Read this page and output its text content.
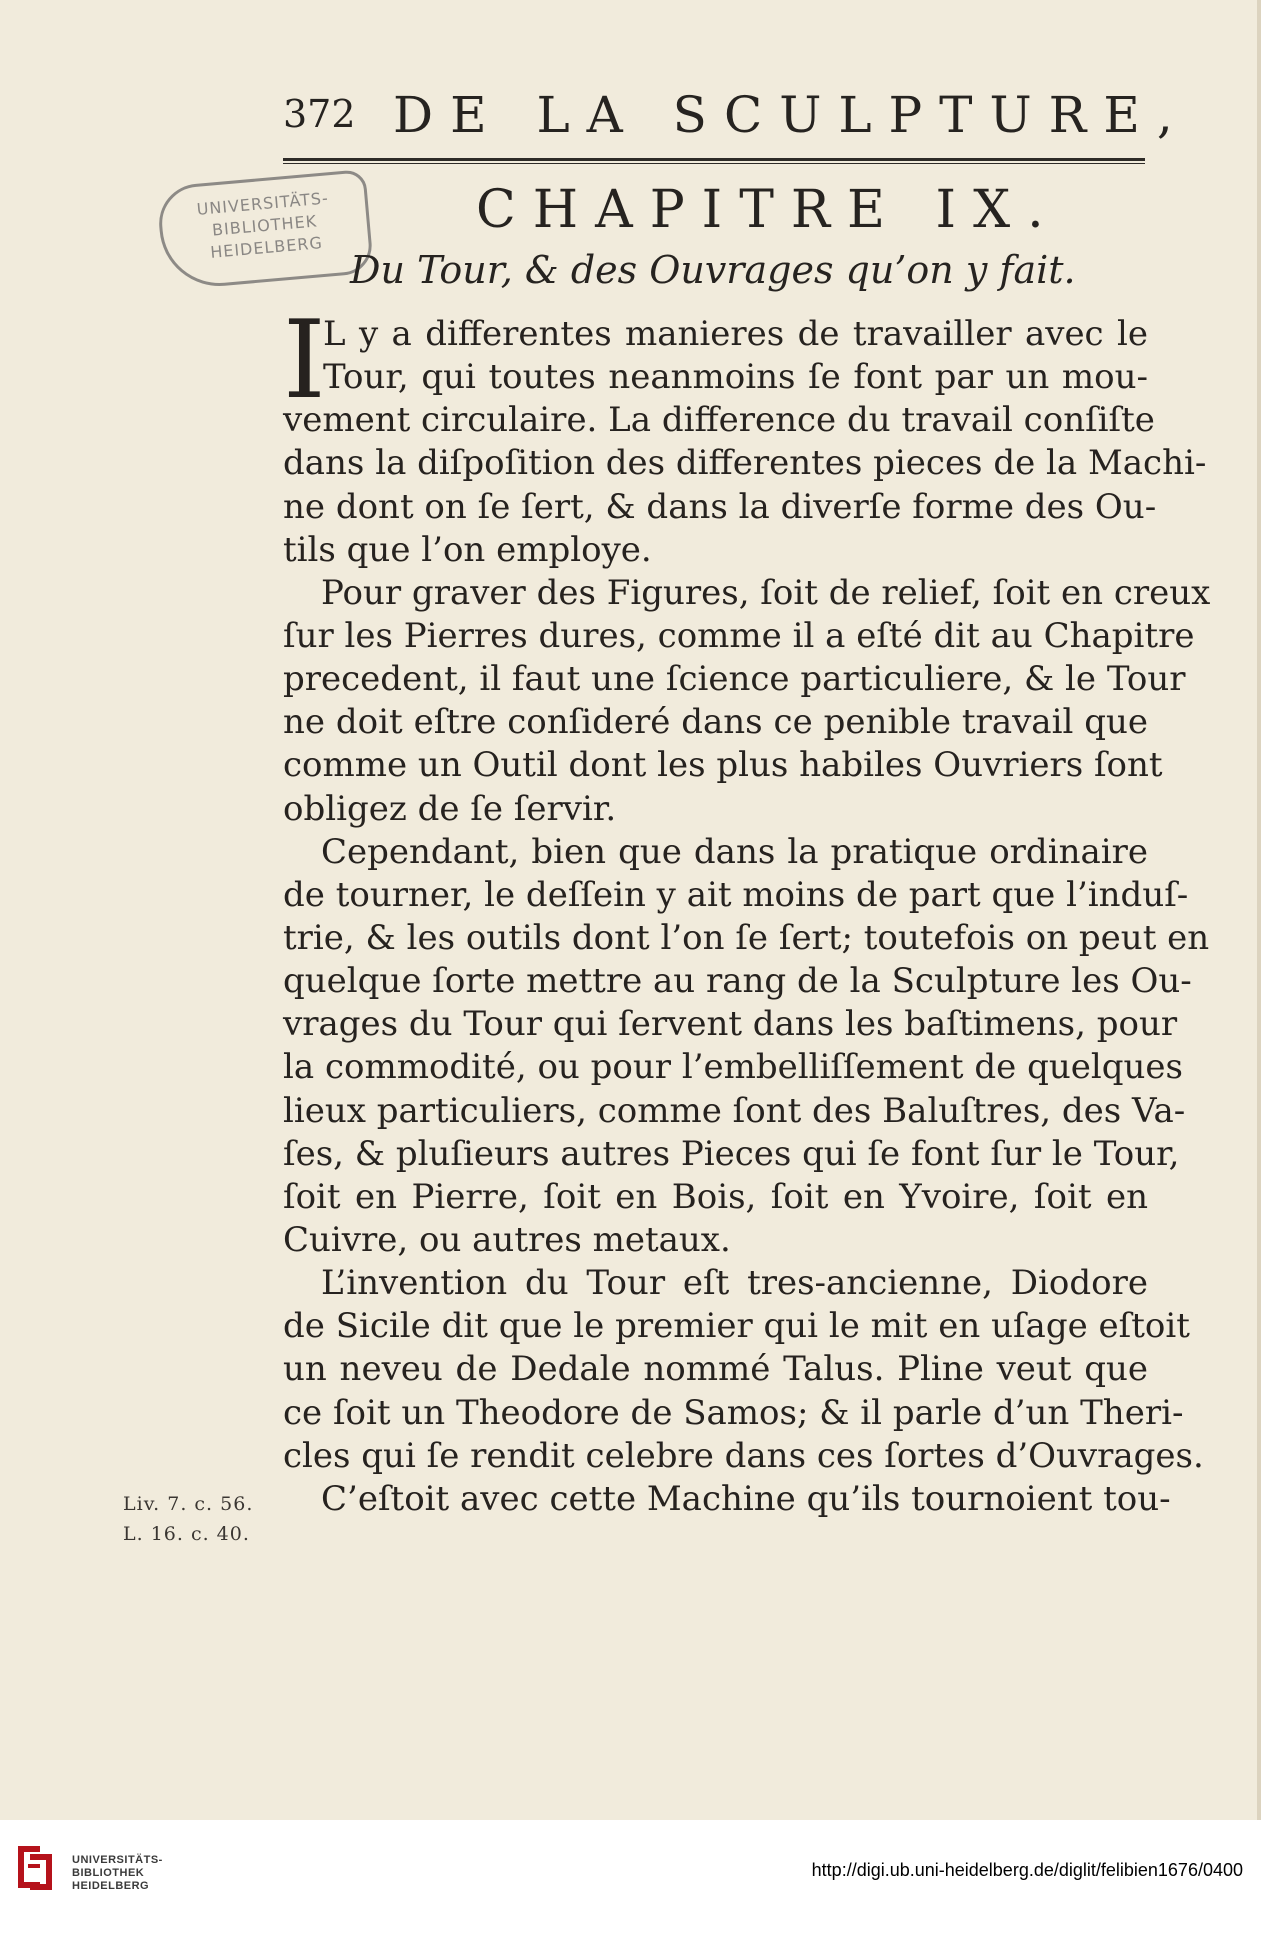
372 DE LA SCULPTURE,
UNIVERSITÄTS-
BIBLIOTHEK
HEIDELBERG
CHAPITRE IX.
Du Tour, & des Ouvrages qu’on y fait.
I
L y a differentes manieres de travailler avec le
Tour, qui toutes neanmoins ſe font par un mou-
vement circulaire. La difference du travail conſiſte
dans la diſpoſition des differentes pieces de la Machi-
ne dont on ſe ſert, & dans la diverſe forme des Ou-
tils que l’on employe.
Pour graver des Figures, ſoit de relief, ſoit en creux
ſur les Pierres dures, comme il a eſté dit au Chapitre
precedent, il faut une ſcience particuliere, & le Tour
ne doit eſtre conſideré dans ce penible travail que
comme un Outil dont les plus habiles Ouvriers ſont
obligez de ſe ſervir.
Cependant, bien que dans la pratique ordinaire
de tourner, le deſſein y ait moins de part que l’induſ-
trie, & les outils dont l’on ſe ſert; toutefois on peut en
quelque ſorte mettre au rang de la Sculpture les Ou-
vrages du Tour qui ſervent dans les baſtimens, pour
la commodité, ou pour l’embelliſſement de quelques
lieux particuliers, comme ſont des Baluſtres, des Va-
ſes, & pluſieurs autres Pieces qui ſe font ſur le Tour,
ſoit en Pierre, ſoit en Bois, ſoit en Yvoire, ſoit en
Cuivre, ou autres metaux.
L’invention du Tour eſt tres-ancienne, Diodore
de Sicile dit que le premier qui le mit en uſage eſtoit
un neveu de Dedale nommé Talus. Pline veut que
ce ſoit un Theodore de Samos; & il parle d’un Theri-
cles qui ſe rendit celebre dans ces ſortes d’Ouvrages.
C’eſtoit avec cette Machine qu’ils tournoient tou-
Liv. 7. c. 56.
L. 16. c. 40.
UNIVERSITÄTS-
BIBLIOTHEK
HEIDELBERG
http://digi.ub.uni-heidelberg.de/diglit/felibien1676/0400
